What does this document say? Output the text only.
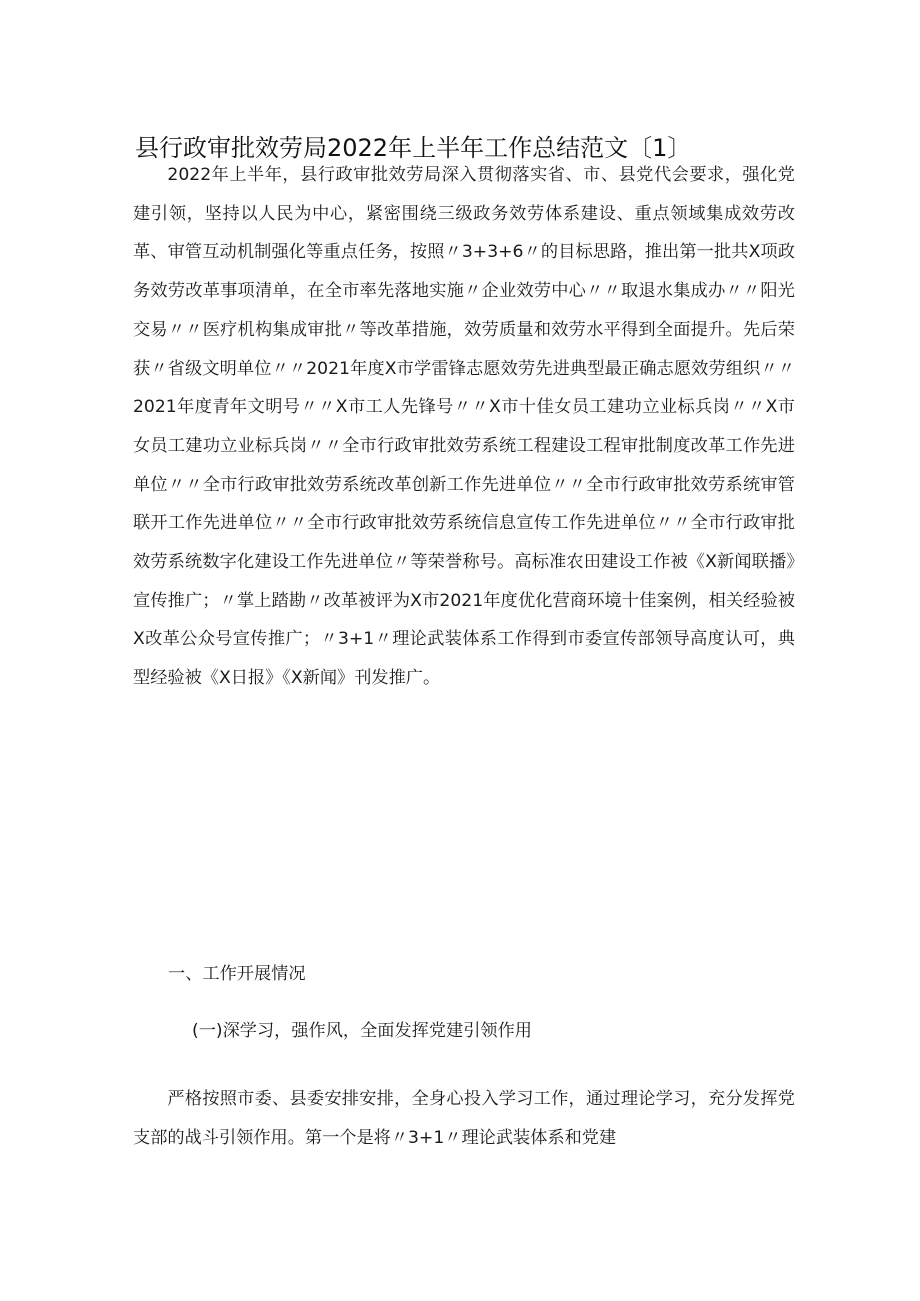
县行政审批效劳局2022年上半年工作总结范文〔1〕

2022年上半年，县行政审批效劳局深入贯彻落实省、市、县党代会要求，强化党建引领，坚持以人民为中心，紧密围绕三级政务效劳体系建设、重点领域集成效劳改革、审管互动机制强化等重点任务，按照〃3+3+6〃的目标思路，推出第一批共X项政务效劳改革事项清单，在全市率先落地实施〃企业效劳中心〃〃取退水集成办〃〃阳光交易〃〃医疗机构集成审批〃等改革措施，效劳质量和效劳水平得到全面提升。先后荣获〃省级文明单位〃〃2021年度X市学雷锋志愿效劳先进典型最正确志愿效劳组织〃〃2021年度青年文明号〃〃X市工人先锋号〃〃X市十佳女员工建功立业标兵岗〃〃X市女员工建功立业标兵岗〃〃全市行政审批效劳系统工程建设工程审批制度改革工作先进单位〃〃全市行政审批效劳系统改革创新工作先进单位〃〃全市行政审批效劳系统审管联开工作先进单位〃〃全市行政审批效劳系统信息宣传工作先进单位〃〃全市行政审批效劳系统数字化建设工作先进单位〃等荣誉称号。高标准农田建设工作被《X新闻联播》宣传推广；〃掌上踏勘〃改革被评为X市2021年度优化营商环境十佳案例，相关经验被X改革公众号宣传推广；〃3+1〃理论武装体系工作得到市委宣传部领导高度认可，典型经验被《X日报》《X新闻》刊发推广。

一、工作开展情况

(一)深学习，强作风，全面发挥党建引领作用

严格按照市委、县委安排安排，全身心投入学习工作，通过理论学习，充分发挥党支部的战斗引领作用。第一个是将〃3+1〃理论武装体系和党建
